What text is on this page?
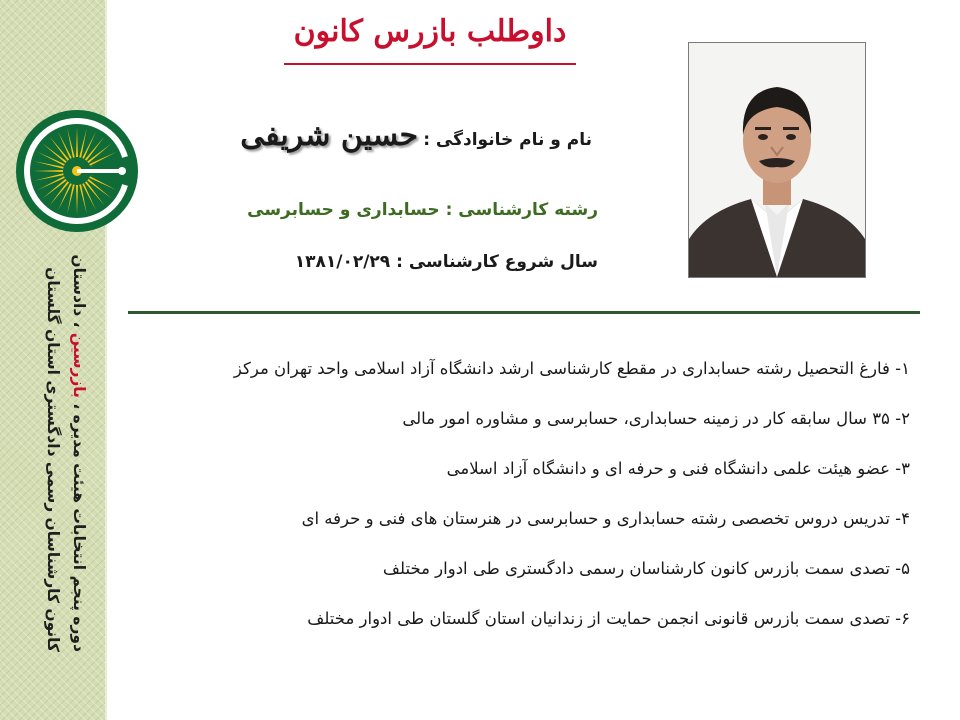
دوره پنجم انتخابات هیئت مدیره ، بازرسین ، دادستان
کانون کارشناسان رسمی دادگستری استان گلستان
داوطلب بازرس کانون
نام و نام خانوادگی : حسین شریفی
رشته کارشناسی : حسابداری و حسابرسی
سال شروع کارشناسی : ۱۳۸۱/۰۲/۲۹
۱- فارغ التحصیل رشته حسابداری در مقطع کارشناسی ارشد دانشگاه آزاد اسلامی واحد تهران مرکز
۲- ۳۵ سال سابقه کار در زمینه حسابداری، حسابرسی و مشاوره امور مالی
۳- عضو هیئت علمی دانشگاه فنی و حرفه ای و دانشگاه آزاد اسلامی
۴- تدریس دروس تخصصی رشته حسابداری و حسابرسی در هنرستان های فنی و حرفه ای
۵- تصدی سمت بازرس کانون کارشناسان رسمی دادگستری طی ادوار مختلف
۶- تصدی سمت بازرس قانونی انجمن حمایت از زندانیان استان گلستان طی ادوار مختلف
